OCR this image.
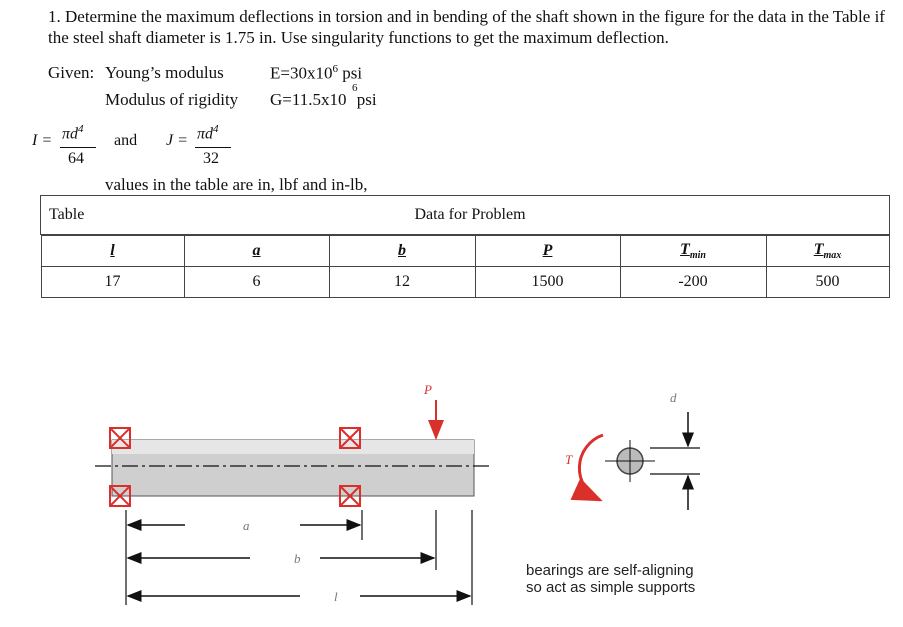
1. Determine the maximum deflections in torsion and in bending of the shaft shown in the figure for the data in the Table if the steel shaft diameter is 1.75 in. Use singularity functions to get the maximum deflection.
Given: Young’s modulus	$E=30x10^6$ psi
Modulus of rigidity G=11.5x10
6
psi
$I = \pi d^4$
64
and $J = \pi d^4$
32
values in the table are in, lbf and in-lb,
Table	Data for Problem

l	a	b	P	$T_{min}$	$T_{max}$
17	6	12	1500	-200	500
P
a
b
l
T
d
bearings are self-aligning
so act as simple supports
